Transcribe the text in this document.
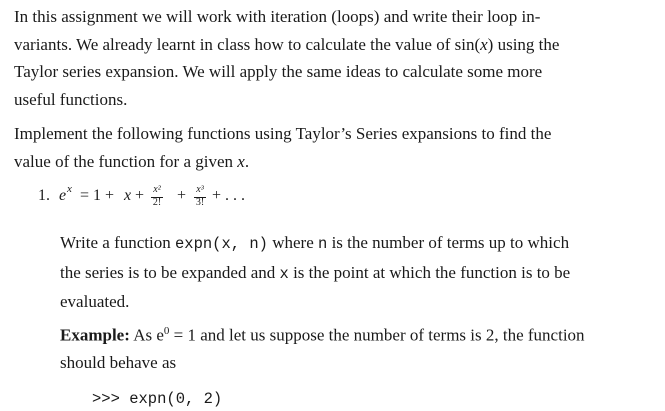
In this assignment we will work with iteration (loops) and write their loop in-
variants. We already learnt in class how to calculate the value of sin(x) using the
Taylor series expansion. We will apply the same ideas to calculate some more
useful functions.

Implement the following functions using Taylor’s Series expansions to find the
value of the function for a given x.

1. e x = 1 + x + x²
2! +	x³
3! + . . .

Write a function expn(x, n) where n is the number of terms up to which
the series is to be expanded and x is the point at which the function is to be
evaluated.

Example: As $e^0 = 1$ and let us suppose the number of terms is 2, the function
should behave as

>>> expn(0, 2)
